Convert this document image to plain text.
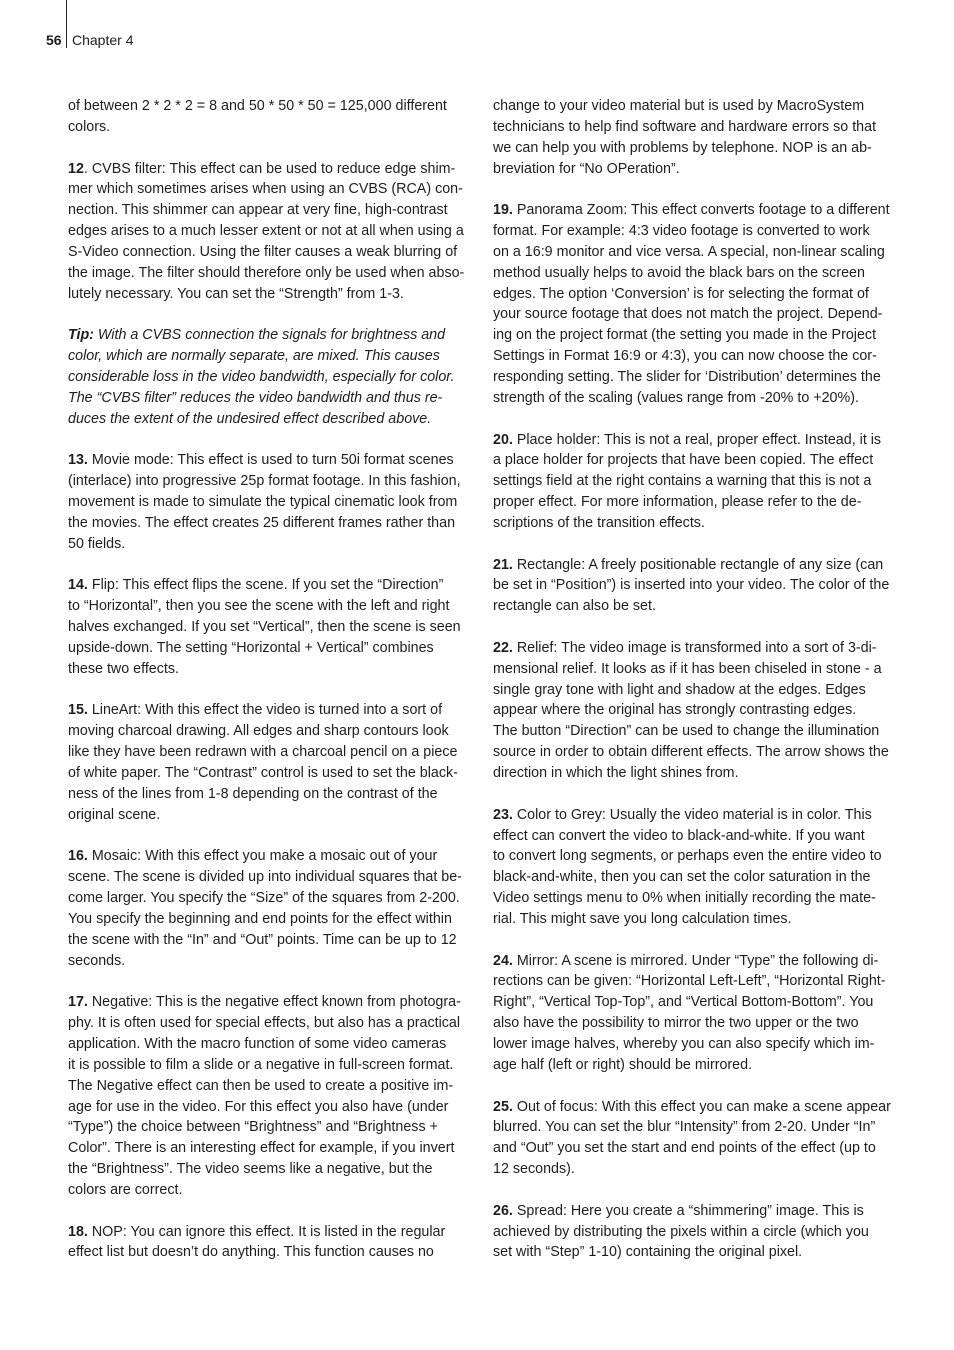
56 Chapter 4

of between 2 * 2 * 2 = 8 and 50 * 50 * 50 = 125,000 different
colors.

12. CVBS filter: This effect can be used to reduce edge shim-
mer which sometimes arises when using an CVBS (RCA) con-
nection. This shimmer can appear at very fine, high-contrast
edges arises to a much lesser extent or not at all when using a
S-Video connection. Using the filter causes a weak blurring of
the image. The filter should therefore only be used when abso-
lutely necessary. You can set the “Strength” from 1-3.

Tip: With a CVBS connection the signals for brightness and
color, which are normally separate, are mixed. This causes
considerable loss in the video bandwidth, especially for color.
The “CVBS filter” reduces the video bandwidth and thus re-
duces the extent of the undesired effect described above.

13. Movie mode: This effect is used to turn 50i format scenes
(interlace) into progressive 25p format footage. In this fashion,
movement is made to simulate the typical cinematic look from
the movies. The effect creates 25 different frames rather than
50 fields.

14. Flip: This effect flips the scene. If you set the “Direction”
to “Horizontal”, then you see the scene with the left and right
halves exchanged. If you set “Vertical”, then the scene is seen
upside-down. The setting “Horizontal + Vertical” combines
these two effects.

15. LineArt: With this effect the video is turned into a sort of
moving charcoal drawing. All edges and sharp contours look
like they have been redrawn with a charcoal pencil on a piece
of white paper. The “Contrast” control is used to set the black-
ness of the lines from 1-8 depending on the contrast of the
original scene.

16. Mosaic: With this effect you make a mosaic out of your
scene. The scene is divided up into individual squares that be-
come larger. You specify the “Size” of the squares from 2-200.
You specify the beginning and end points for the effect within
the scene with the “In” and “Out” points. Time can be up to 12
seconds.

17. Negative: This is the negative effect known from photogra-
phy. It is often used for special effects, but also has a practical
application. With the macro function of some video cameras
it is possible to film a slide or a negative in full-screen format.
The Negative effect can then be used to create a positive im-
age for use in the video. For this effect you also have (under
“Type”) the choice between “Brightness” and “Brightness +
Color”. There is an interesting effect for example, if you invert
the “Brightness”. The video seems like a negative, but the
colors are correct.

18. NOP: You can ignore this effect. It is listed in the regular
effect list but doesn’t do anything. This function causes no

change to your video material but is used by MacroSystem
technicians to help find software and hardware errors so that
we can help you with problems by telephone. NOP is an ab-
breviation for “No OPeration”.

19. Panorama Zoom: This effect converts footage to a different
format. For example: 4:3 video footage is converted to work
on a 16:9 monitor and vice versa. A special, non-linear scaling
method usually helps to avoid the black bars on the screen
edges. The option ‘Conversion’ is for selecting the format of
your source footage that does not match the project. Depend-
ing on the project format (the setting you made in the Project
Settings in Format 16:9 or 4:3), you can now choose the cor-
responding setting. The slider for ‘Distribution’ determines the
strength of the scaling (values range from -20% to +20%).

20. Place holder: This is not a real, proper effect. Instead, it is
a place holder for projects that have been copied. The effect
settings field at the right contains a warning that this is not a
proper effect. For more information, please refer to the de-
scriptions of the transition effects.

21. Rectangle: A freely positionable rectangle of any size (can
be set in “Position”) is inserted into your video. The color of the
rectangle can also be set.

22. Relief: The video image is transformed into a sort of 3-di-
mensional relief. It looks as if it has been chiseled in stone - a
single gray tone with light and shadow at the edges. Edges
appear where the original has strongly contrasting edges.
The button “Direction” can be used to change the illumination
source in order to obtain different effects. The arrow shows the
direction in which the light shines from.

23. Color to Grey: Usually the video material is in color. This
effect can convert the video to black-and-white. If you want
to convert long segments, or perhaps even the entire video to
black-and-white, then you can set the color saturation in the
Video settings menu to 0% when initially recording the mate-
rial. This might save you long calculation times.

24. Mirror: A scene is mirrored. Under “Type” the following di-
rections can be given: “Horizontal Left-Left”, “Horizontal Right-
Right”, “Vertical Top-Top”, and “Vertical Bottom-Bottom”. You
also have the possibility to mirror the two upper or the two
lower image halves, whereby you can also specify which im-
age half (left or right) should be mirrored.

25. Out of focus: With this effect you can make a scene appear
blurred. You can set the blur “Intensity” from 2-20. Under “In”
and “Out” you set the start and end points of the effect (up to
12 seconds).

26. Spread: Here you create a “shimmering” image. This is
achieved by distributing the pixels within a circle (which you
set with “Step” 1-10) containing the original pixel.
